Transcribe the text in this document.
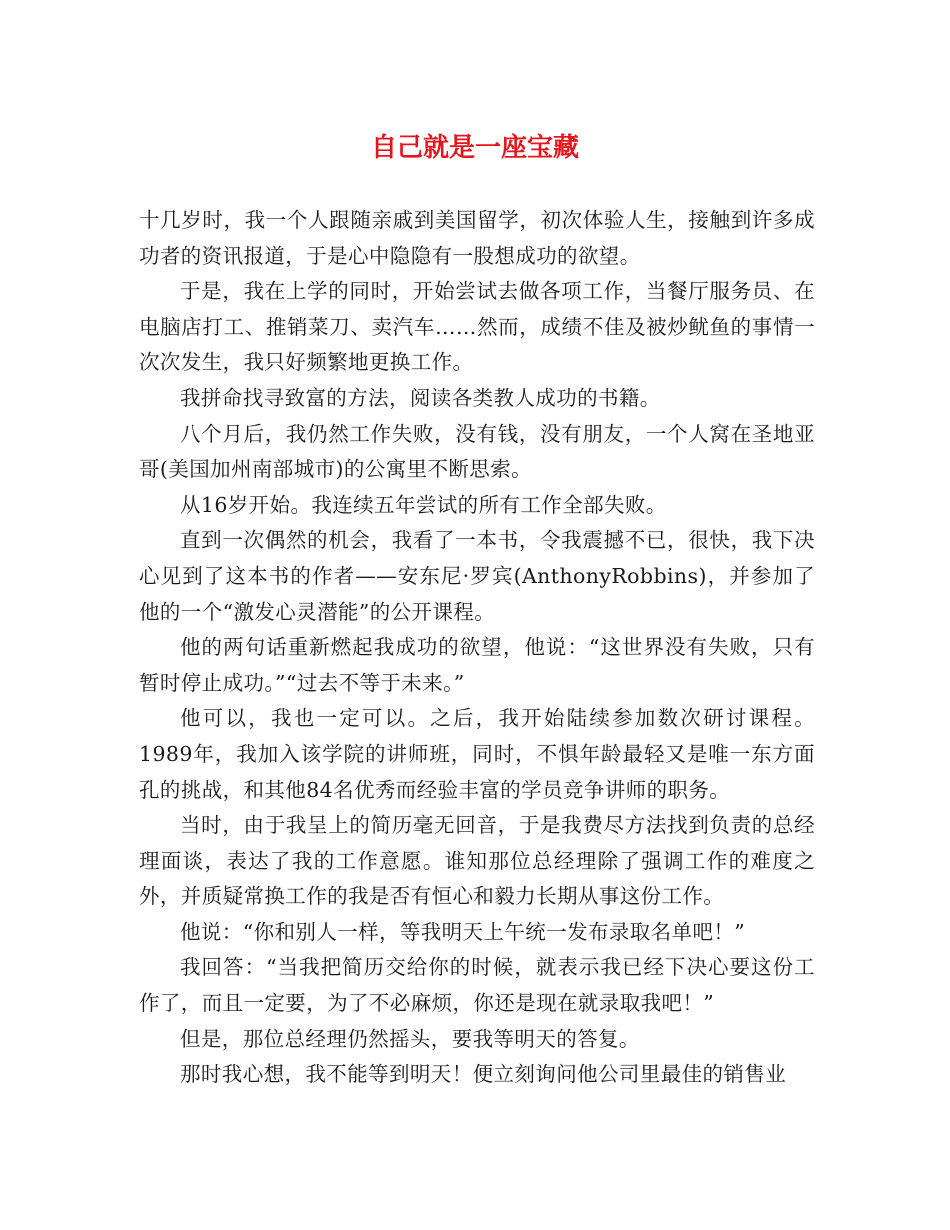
自己就是一座宝藏

十几岁时，我一个人跟随亲戚到美国留学，初次体验人生，接触到许多成功者的资讯报道，于是心中隐隐有一股想成功的欲望。

于是，我在上学的同时，开始尝试去做各项工作，当餐厅服务员、在电脑店打工、推销菜刀、卖汽车……然而，成绩不佳及被炒鱿鱼的事情一次次发生，我只好频繁地更换工作。

我拼命找寻致富的方法，阅读各类教人成功的书籍。

八个月后，我仍然工作失败，没有钱，没有朋友，一个人窝在圣地亚哥(美国加州南部城市)的公寓里不断思索。

从16岁开始。我连续五年尝试的所有工作全部失败。

直到一次偶然的机会，我看了一本书，令我震撼不已，很快，我下决心见到了这本书的作者——安东尼·罗宾(AnthonyRobbins)，并参加了他的一个“激发心灵潜能”的公开课程。

他的两句话重新燃起我成功的欲望，他说：“这世界没有失败，只有暂时停止成功。”“过去不等于未来。”

他可以，我也一定可以。之后，我开始陆续参加数次研讨课程。1989年，我加入该学院的讲师班，同时，不惧年龄最轻又是唯一东方面孔的挑战，和其他84名优秀而经验丰富的学员竞争讲师的职务。

当时，由于我呈上的简历毫无回音，于是我费尽方法找到负责的总经理面谈，表达了我的工作意愿。谁知那位总经理除了强调工作的难度之外，并质疑常换工作的我是否有恒心和毅力长期从事这份工作。

他说：“你和别人一样，等我明天上午统一发布录取名单吧！”

我回答：“当我把简历交给你的时候，就表示我已经下决心要这份工作了，而且一定要，为了不必麻烦，你还是现在就录取我吧！”

但是，那位总经理仍然摇头，要我等明天的答复。

那时我心想，我不能等到明天！便立刻询问他公司里最佳的销售业
